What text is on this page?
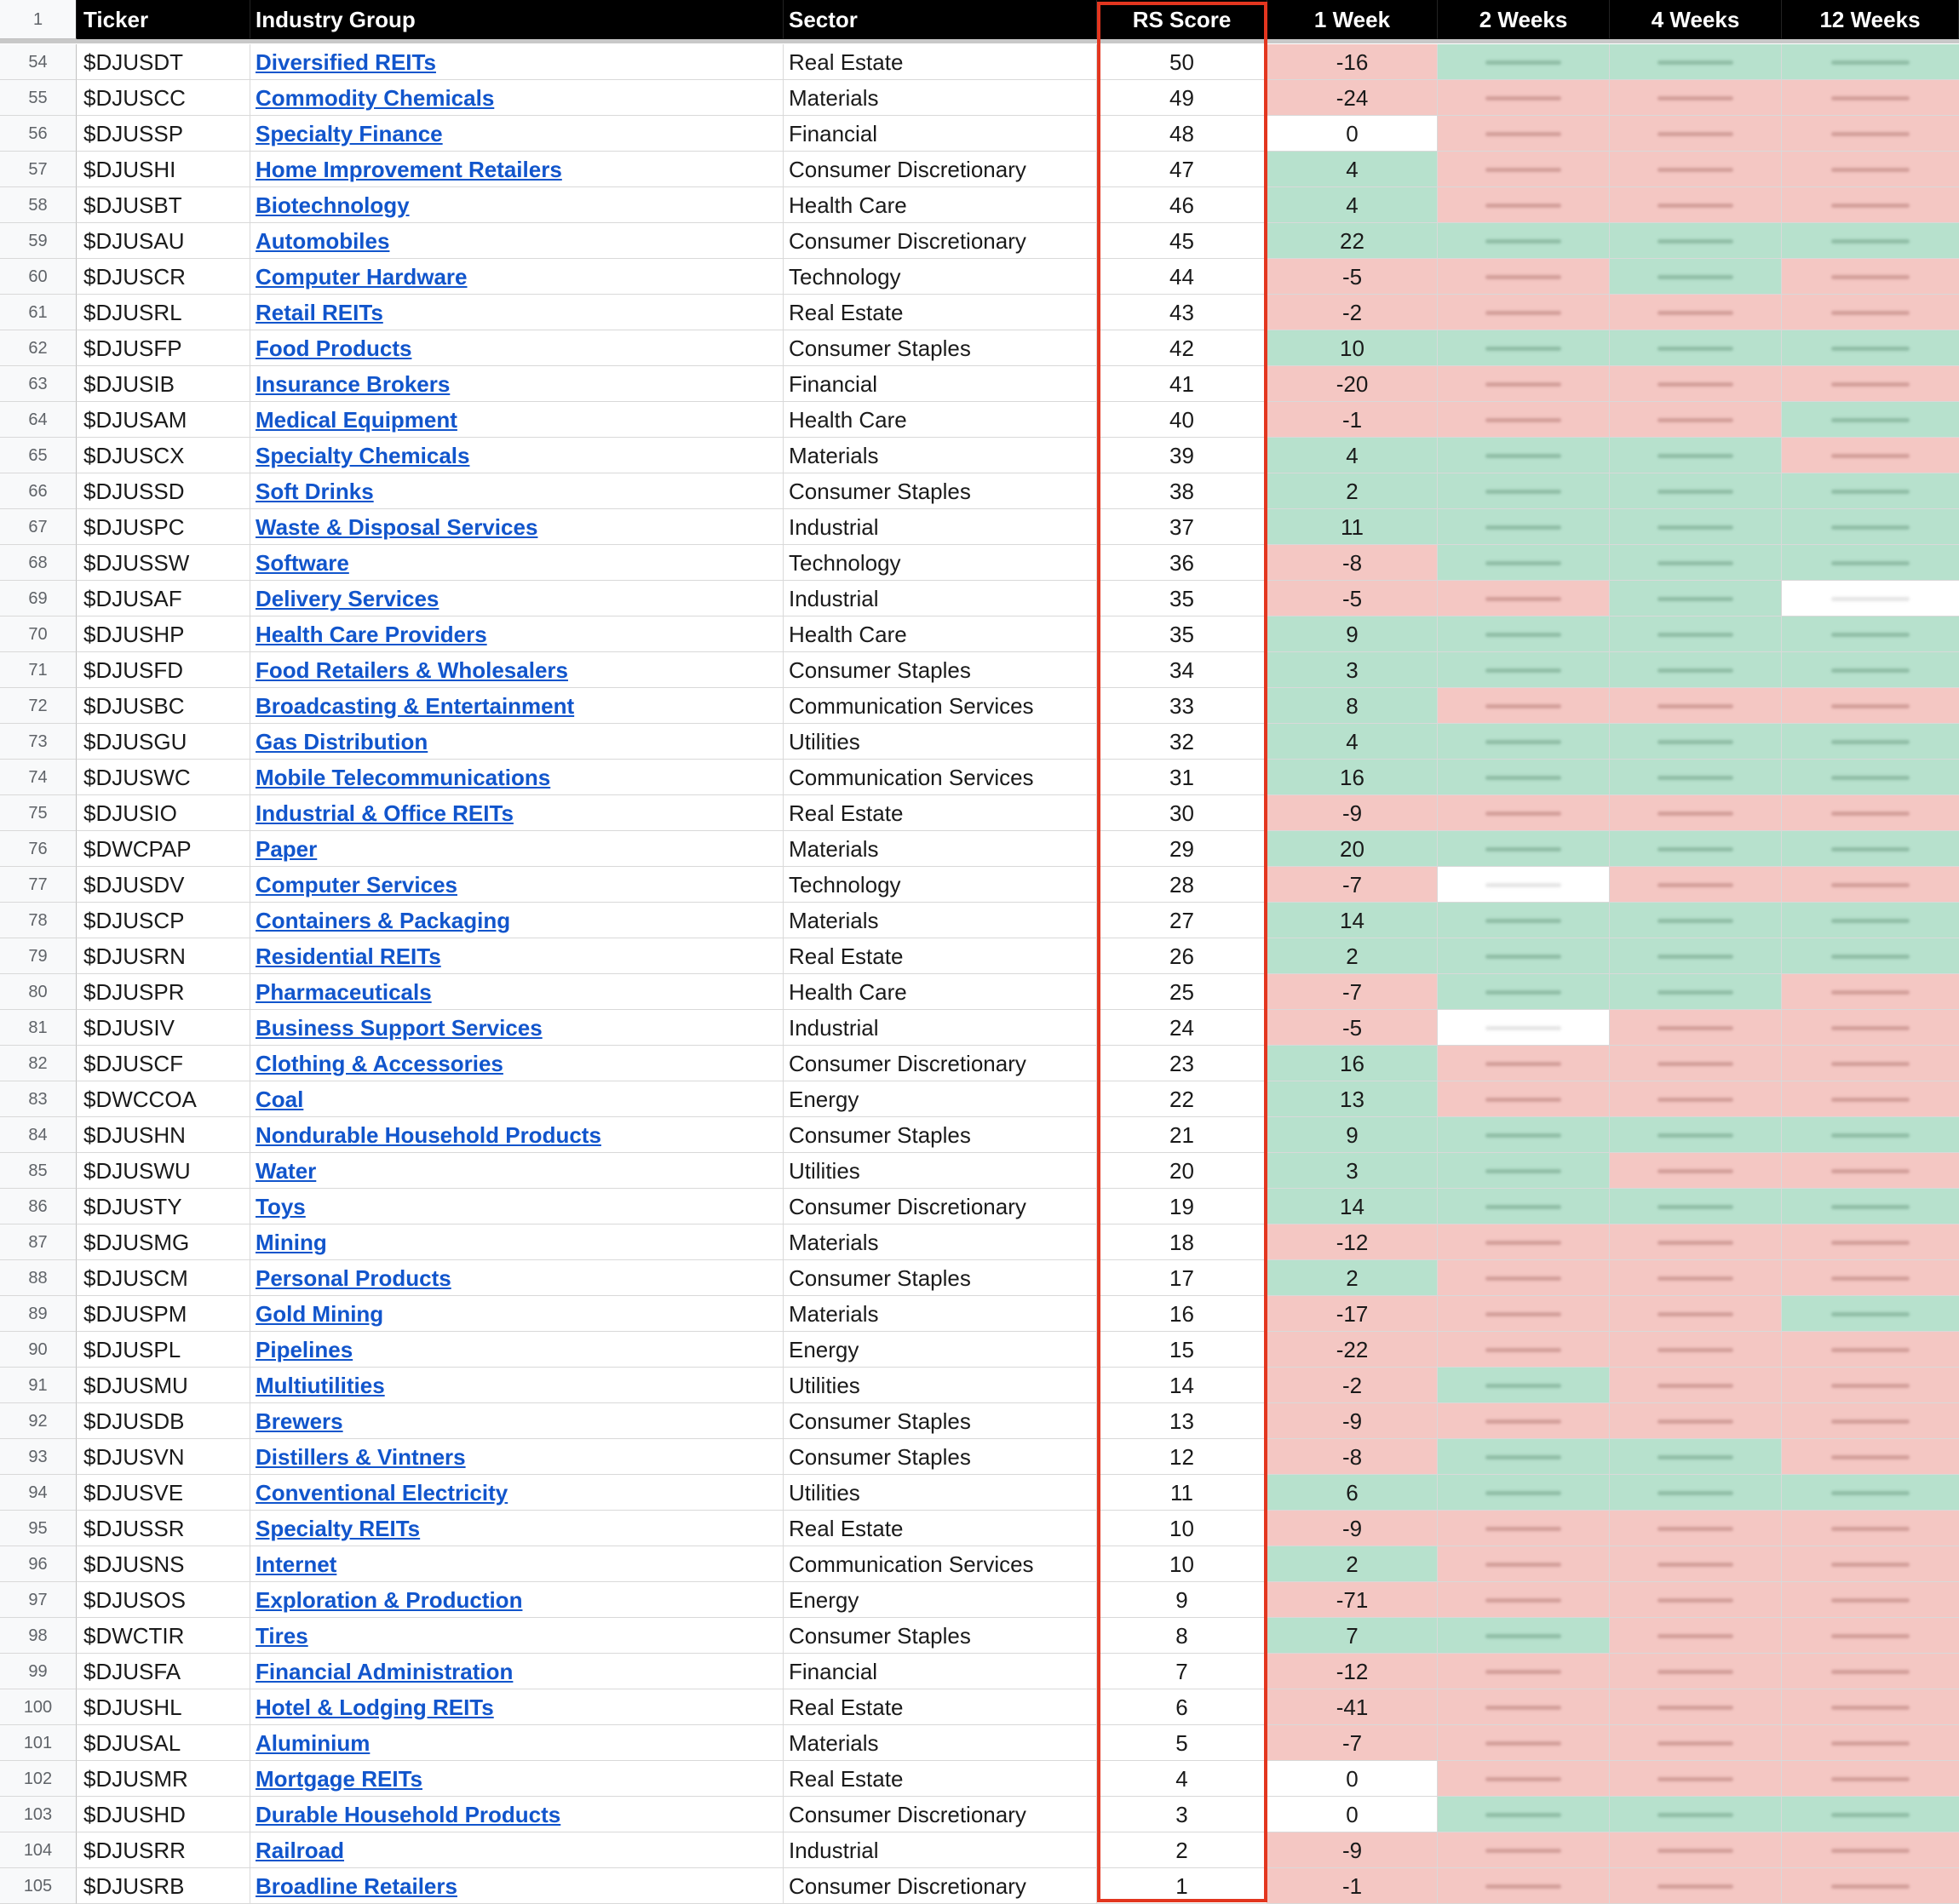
1	Ticker	Industry Group	Sector	RS Score	1 Week	2 Weeks	4 Weeks	12 Weeks
54	$DJUSDT	Diversified REITs	Real Estate	50	-16
55	$DJUSCC	Commodity Chemicals	Materials	49	-24
56	$DJUSSP	Specialty Finance	Financial	48	0
57	$DJUSHI	Home Improvement Retailers	Consumer Discretionary	47	4
58	$DJUSBT	Biotechnology	Health Care	46	4
59	$DJUSAU	Automobiles	Consumer Discretionary	45	22
60	$DJUSCR	Computer Hardware	Technology	44	-5
61	$DJUSRL	Retail REITs	Real Estate	43	-2
62	$DJUSFP	Food Products	Consumer Staples	42	10
63	$DJUSIB	Insurance Brokers	Financial	41	-20
64	$DJUSAM	Medical Equipment	Health Care	40	-1
65	$DJUSCX	Specialty Chemicals	Materials	39	4
66	$DJUSSD	Soft Drinks	Consumer Staples	38	2
67	$DJUSPC	Waste & Disposal Services	Industrial	37	11
68	$DJUSSW	Software	Technology	36	-8
69	$DJUSAF	Delivery Services	Industrial	35	-5
70	$DJUSHP	Health Care Providers	Health Care	35	9
71	$DJUSFD	Food Retailers & Wholesalers	Consumer Staples	34	3
72	$DJUSBC	Broadcasting & Entertainment	Communication Services	33	8
73	$DJUSGU	Gas Distribution	Utilities	32	4
74	$DJUSWC	Mobile Telecommunications	Communication Services	31	16
75	$DJUSIO	Industrial & Office REITs	Real Estate	30	-9
76	$DWCPAP	Paper	Materials	29	20
77	$DJUSDV	Computer Services	Technology	28	-7
78	$DJUSCP	Containers & Packaging	Materials	27	14
79	$DJUSRN	Residential REITs	Real Estate	26	2
80	$DJUSPR	Pharmaceuticals	Health Care	25	-7
81	$DJUSIV	Business Support Services	Industrial	24	-5
82	$DJUSCF	Clothing & Accessories	Consumer Discretionary	23	16
83	$DWCCOA	Coal	Energy	22	13
84	$DJUSHN	Nondurable Household Products	Consumer Staples	21	9
85	$DJUSWU	Water	Utilities	20	3
86	$DJUSTY	Toys	Consumer Discretionary	19	14
87	$DJUSMG	Mining	Materials	18	-12
88	$DJUSCM	Personal Products	Consumer Staples	17	2
89	$DJUSPM	Gold Mining	Materials	16	-17
90	$DJUSPL	Pipelines	Energy	15	-22
91	$DJUSMU	Multiutilities	Utilities	14	-2
92	$DJUSDB	Brewers	Consumer Staples	13	-9
93	$DJUSVN	Distillers & Vintners	Consumer Staples	12	-8
94	$DJUSVE	Conventional Electricity	Utilities	11	6
95	$DJUSSR	Specialty REITs	Real Estate	10	-9
96	$DJUSNS	Internet	Communication Services	10	2
97	$DJUSOS	Exploration & Production	Energy	9	-71
98	$DWCTIR	Tires	Consumer Staples	8	7
99	$DJUSFA	Financial Administration	Financial	7	-12
100	$DJUSHL	Hotel & Lodging REITs	Real Estate	6	-41
101	$DJUSAL	Aluminium	Materials	5	-7
102	$DJUSMR	Mortgage REITs	Real Estate	4	0
103	$DJUSHD	Durable Household Products	Consumer Discretionary	3	0
104	$DJUSRR	Railroad	Industrial	2	-9
105	$DJUSRB	Broadline Retailers	Consumer Discretionary	1	-1
